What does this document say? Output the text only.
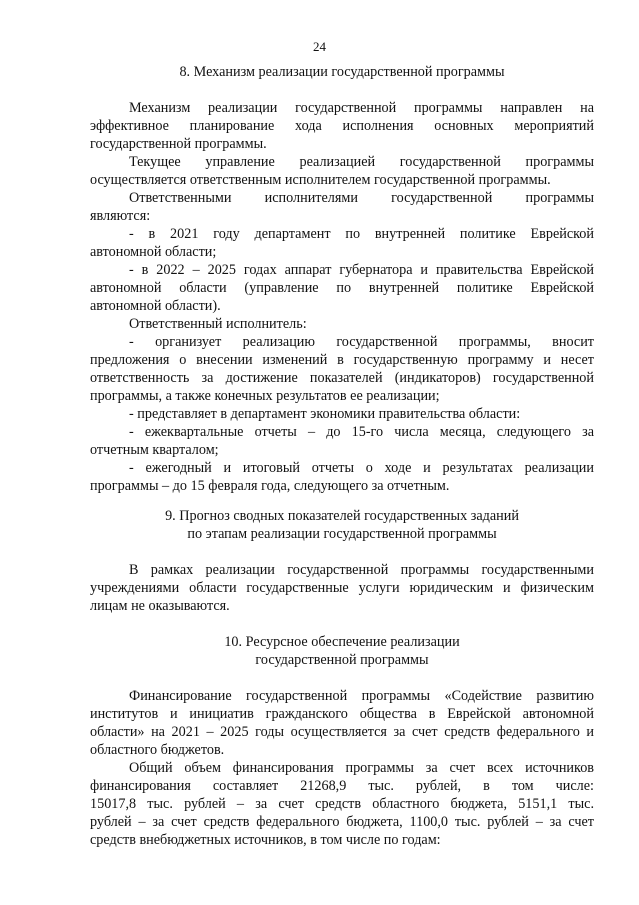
24
8. Механизм реализации государственной программы
Механизм реализации государственной программы направлен на
эффективное планирование хода исполнения основных мероприятий
государственной программы.
Текущее управление реализацией государственной программы
осуществляется ответственным исполнителем государственной программы.
Ответственными исполнителями государственной программы
являются:
- в 2021 году департамент по внутренней политике Еврейской
автономной области;
- в 2022 – 2025 годах аппарат губернатора и правительства Еврейской
автономной области (управление по внутренней политике Еврейской
автономной области).
Ответственный исполнитель:
- организует реализацию государственной программы, вносит
предложения о внесении изменений в государственную программу и несет
ответственность за достижение показателей (индикаторов) государственной
программы, а также конечных результатов ее реализации;
- представляет в департамент экономики правительства области:
- ежеквартальные отчеты – до 15-го числа месяца, следующего за
отчетным кварталом;
- ежегодный и итоговый отчеты о ходе и результатах реализации
программы – до 15 февраля года, следующего за отчетным.
9. Прогноз сводных показателей государственных заданий
по этапам реализации государственной программы
В рамках реализации государственной программы государственными
учреждениями области государственные услуги юридическим и физическим
лицам не оказываются.
10. Ресурсное обеспечение реализации
государственной программы
Финансирование государственной программы «Содействие развитию
институтов и инициатив гражданского общества в Еврейской автономной
области» на 2021 – 2025 годы осуществляется за счет средств федерального и
областного бюджетов.
Общий объем финансирования программы за счет всех источников
финансирования составляет 21268,9 тыс. рублей, в том числе:
15017,8 тыс. рублей – за счет средств областного бюджета, 5151,1 тыс.
рублей – за счет средств федерального бюджета, 1100,0 тыс. рублей – за счет
средств внебюджетных источников, в том числе по годам:
